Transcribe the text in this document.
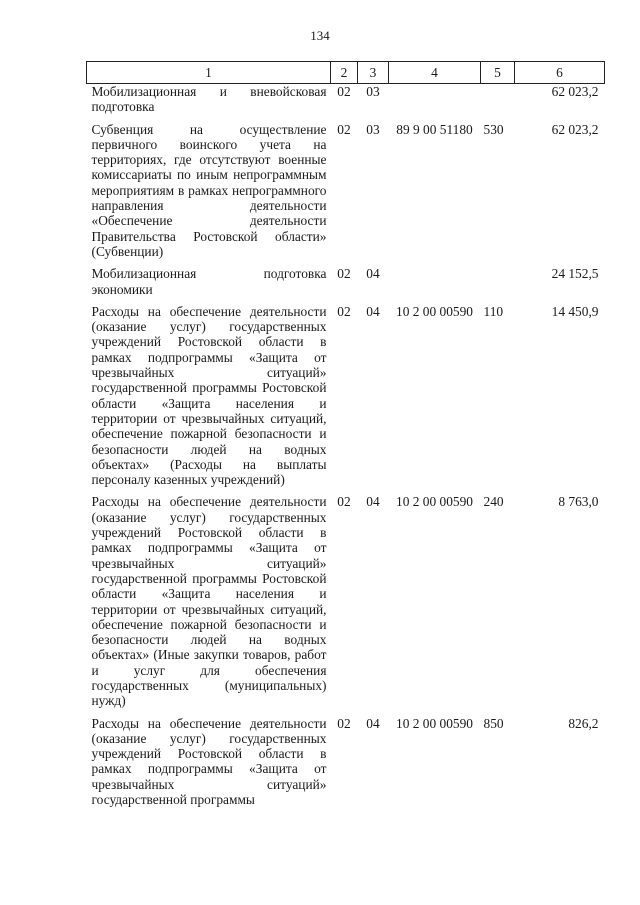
134
1	2	3	4	5	6
Мобилизационная и вневойсковая подготовка	02	03			62 023,2
Субвенция на осуществление первичного воинского учета на территориях, где отсутствуют военные комиссариаты по иным непрограммным мероприятиям в рамках непрограммного направления деятельности «Обеспечение деятельности Правительства Ростовской области» (Субвенции)	02	03	89 9 00 51180	530	62 023,2
Мобилизационная подготовка экономики	02	04			24 152,5
Расходы на обеспечение деятельности (оказание услуг) государственных учреждений Ростовской области в рамках подпрограммы «Защита от чрезвычайных ситуаций» государственной программы Ростовской области «Защита населения и территории от чрезвычайных ситуаций, обеспечение пожарной безопасности и безопасности людей на водных объектах» (Расходы на выплаты персоналу казенных учреждений)	02	04	10 2 00 00590	110	14 450,9
Расходы на обеспечение деятельности (оказание услуг) государственных учреждений Ростовской области в рамках подпрограммы «Защита от чрезвычайных ситуаций» государственной программы Ростовской области «Защита населения и территории от чрезвычайных ситуаций, обеспечение пожарной безопасности и безопасности людей на водных объектах» (Иные закупки товаров, работ и услуг для обеспечения государственных (муниципальных) нужд)	02	04	10 2 00 00590	240	8 763,0
Расходы на обеспечение деятельности (оказание услуг) государственных учреждений Ростовской области в рамках подпрограммы «Защита от чрезвычайных ситуаций» государственной программы	02	04	10 2 00 00590	850	826,2
